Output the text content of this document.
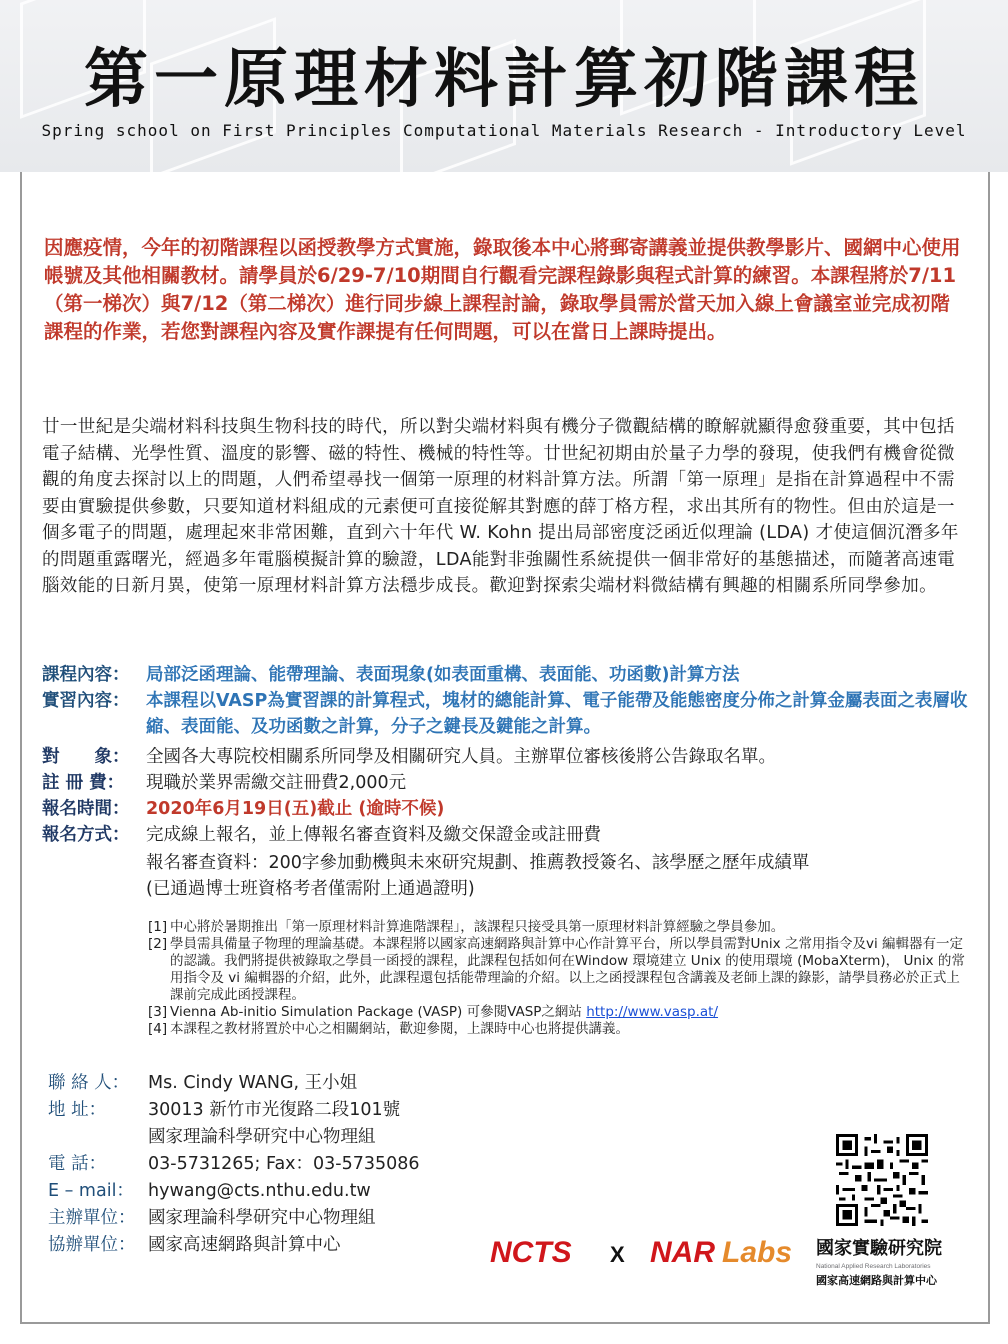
第一原理材料計算初階課程
Spring school on First Principles Computational Materials Research - Introductory Level
因應疫情，今年的初階課程以函授教學方式實施，錄取後本中心將郵寄講義並提供教學影片、國網中心使用帳號及其他相關教材。請學員於6/29-7/10期間自行觀看完課程錄影與程式計算的練習。本課程將於7/11（第一梯次）與7/12（第二梯次）進行同步線上課程討論，錄取學員需於當天加入線上會議室並完成初階課程的作業，若您對課程內容及實作課提有任何問題，可以在當日上課時提出。
廿一世紀是尖端材料科技與生物科技的時代，所以對尖端材料與有機分子微觀結構的瞭解就顯得愈發重要，其中包括電子結構、光學性質、溫度的影響、磁的特性、機械的特性等。廿世紀初期由於量子力學的發現，使我們有機會從微觀的角度去探討以上的問題，人們希望尋找一個第一原理的材料計算方法。所謂「第一原理」是指在計算過程中不需要由實驗提供參數，只要知道材料組成的元素便可直接從解其對應的薛丁格方程，求出其所有的物性。但由於這是一個多電子的問題，處理起來非常困難，直到六十年代 W. Kohn 提出局部密度泛函近似理論 (LDA) 才使這個沉潛多年的問題重露曙光，經過多年電腦模擬計算的驗證，LDA能對非強關性系統提供一個非常好的基態描述，而隨著高速電腦效能的日新月異，使第一原理材料計算方法穩步成長。歡迎對探索尖端材料微結構有興趣的相關系所同學參加。
課程內容： 局部泛函理論、能帶理論、表面現象(如表面重構、表面能、功函數)計算方法
實習內容： 本課程以VASP為實習課的計算程式，塊材的總能計算、電子能帶及能態密度分佈之計算金屬表面之表層收縮、表面能、及功函數之計算，分子之鍵長及鍵能之計算。
對　　象： 全國各大專院校相關系所同學及相關研究人員。主辦單位審核後將公告錄取名單。
註 冊 費：	現職於業界需繳交註冊費2,000元
報名時間： 2020年6月19日(五)截止 (逾時不候)
報名方式： 完成線上報名，並上傳報名審查資料及繳交保證金或註冊費
報名審查資料：200字參加動機與未來研究規劃、推薦教授簽名、該學歷之歷年成績單
(已通過博士班資格考者僅需附上通過證明)
[1] 中心將於暑期推出「第一原理材料計算進階課程」，該課程只接受具第一原理材料計算經驗之學員參加。
[2] 學員需具備量子物理的理論基礎。本課程將以國家高速網路與計算中心作計算平台，所以學員需對Unix 之常用指令及vi 編輯器有一定的認識。我們將提供被錄取之學員一函授的課程，此課程包括如何在Window 環境建立 Unix 的使用環境 (MobaXterm)， Unix 的常用指令及 vi 編輯器的介紹，此外，此課程還包括能帶理論的介紹。以上之函授課程包含講義及老師上課的錄影，請學員務必於正式上課前完成此函授課程。
[3] Vienna Ab-initio Simulation Package (VASP) 可參閱VASP之網站 http://www.vasp.at/
[4] 本課程之教材將置於中心之相關網站，歡迎參閱，上課時中心也將提供講義。
聯 絡 人：	Ms. Cindy WANG, 王小姐
地 址：	30013 新竹市光復路二段101號
國家理論科學研究中心物理組
電 話：	03-5731265; Fax：03-5735086
E – mail： hywang@cts.nthu.edu.tw
主辦單位： 國家理論科學研究中心物理組
協辦單位： 國家高速網路與計算中心	NCTS X NAR Labs 國家實驗研究院
National Applied Research Laboratories
國家高速網路與計算中心
